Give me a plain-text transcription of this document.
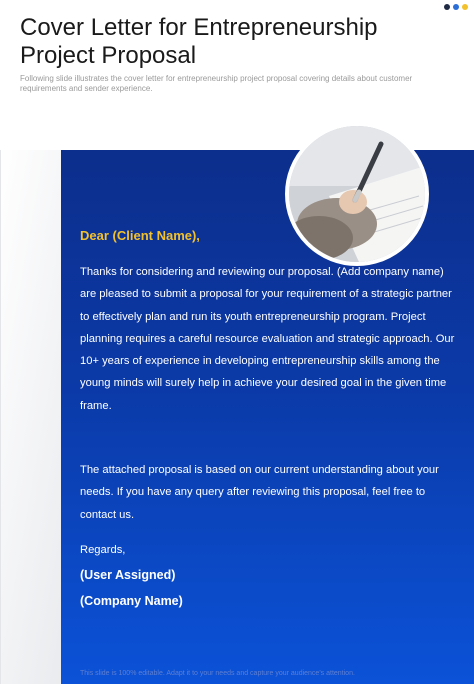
Cover Letter for Entrepreneurship Project Proposal
Following slide illustrates the cover letter for entrepreneurship project proposal covering details about customer requirements and sender experience.
Dear (Client Name),

Thanks for considering and reviewing our proposal. (Add company name) are pleased to submit a proposal for your requirement of a strategic partner to effectively plan and run its youth entrepreneurship program. Project planning requires a careful resource evaluation and strategic approach. Our 10+ years of experience in developing entrepreneurship skills among the young minds will surely help in achieve your desired goal in the given time frame.

The attached proposal is based on our current understanding about your needs. If you have any query after reviewing this proposal, feel free to contact us.

Regards,
(User Assigned)
(Company Name)
This slide is 100% editable. Adapt it to your needs and capture your audience's attention.
